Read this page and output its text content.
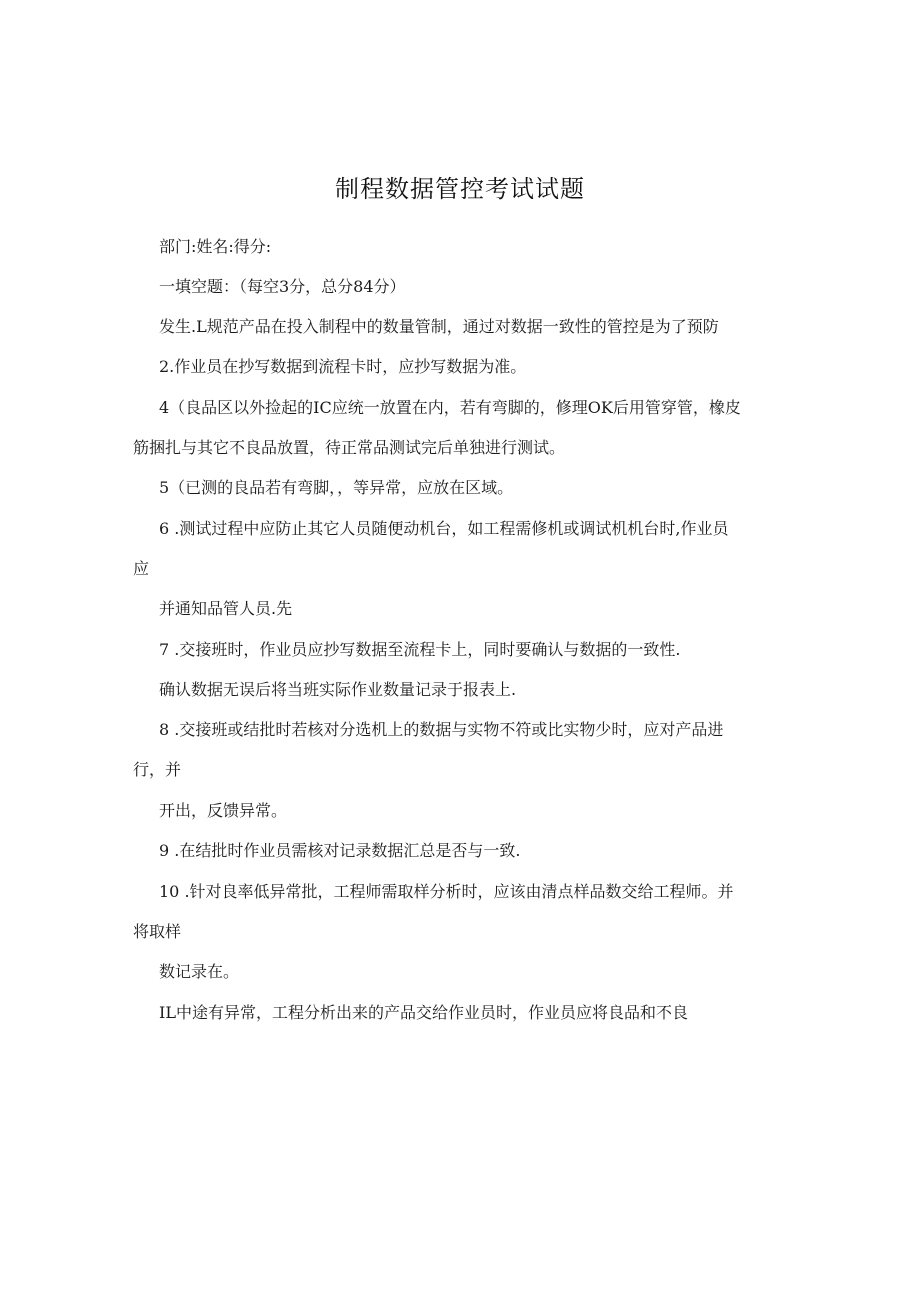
制程数据管控考试试题
部门:姓名:得分:
一填空题：（每空3分，总分84分）
发生.L规范产品在投入制程中的数量管制，通过对数据一致性的管控是为了预防
2.作业员在抄写数据到流程卡时，应抄写数据为准。
4（良品区以外捡起的IC应统一放置在内，若有弯脚的，修理OK后用管穿管，橡皮
筋捆扎与其它不良品放置，待正常品测试完后单独进行测试。
5（已测的良品若有弯脚，，等异常，应放在区域。
6 .测试过程中应防止其它人员随便动机台，如工程需修机或调试机机台时,作业员
应
并通知品管人员.先
7 .交接班时，作业员应抄写数据至流程卡上，同时要确认与数据的一致性.
确认数据无误后将当班实际作业数量记录于报表上.
8 .交接班或结批时若核对分选机上的数据与实物不符或比实物少时，应对产品进
行，并
开出，反馈异常。
9 .在结批时作业员需核对记录数据汇总是否与一致.
10 .针对良率低异常批，工程师需取样分析时，应该由清点样品数交给工程师。并
将取样
数记录在。
IL中途有异常，工程分析出来的产品交给作业员时，作业员应将良品和不良
